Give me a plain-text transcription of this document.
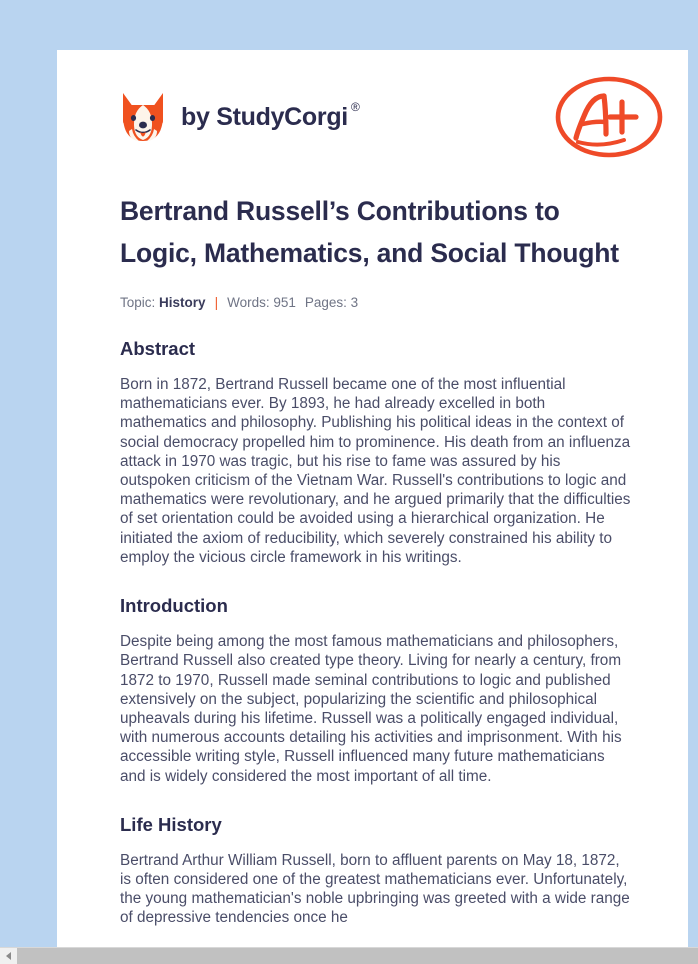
by StudyCorgi ®
Bertrand Russell’s Contributions to Logic, Mathematics, and Social Thought
Topic:
History | Words: 951 Pages: 3
Abstract

Born in 1872, Bertrand Russell became one of the most influential mathematicians ever. By 1893, he had already excelled in both mathematics and philosophy. Publishing his political ideas in the context of social democracy propelled him to prominence. His death from an influenza attack in 1970 was tragic, but his rise to fame was assured by his outspoken criticism of the Vietnam War. Russell's contributions to logic and mathematics were revolutionary, and he argued primarily that the difficulties of set orientation could be avoided using a hierarchical organization. He initiated the axiom of reducibility, which severely constrained his ability to employ the vicious circle framework in his writings.

Introduction

Despite being among the most famous mathematicians and philosophers, Bertrand Russell also created type theory. Living for nearly a century, from 1872 to 1970, Russell made seminal contributions to logic and published extensively on the subject, popularizing the scientific and philosophical upheavals during his lifetime. Russell was a politically engaged individual, with numerous accounts detailing his activities and imprisonment. With his accessible writing style, Russell influenced many future mathematicians and is widely considered the most important of all time.

Life History

Bertrand Arthur William Russell, born to affluent parents on May 18, 1872, is often considered one of the greatest mathematicians ever. Unfortunately, the young mathematician's noble upbringing was greeted with a wide range of depressive tendencies once he
